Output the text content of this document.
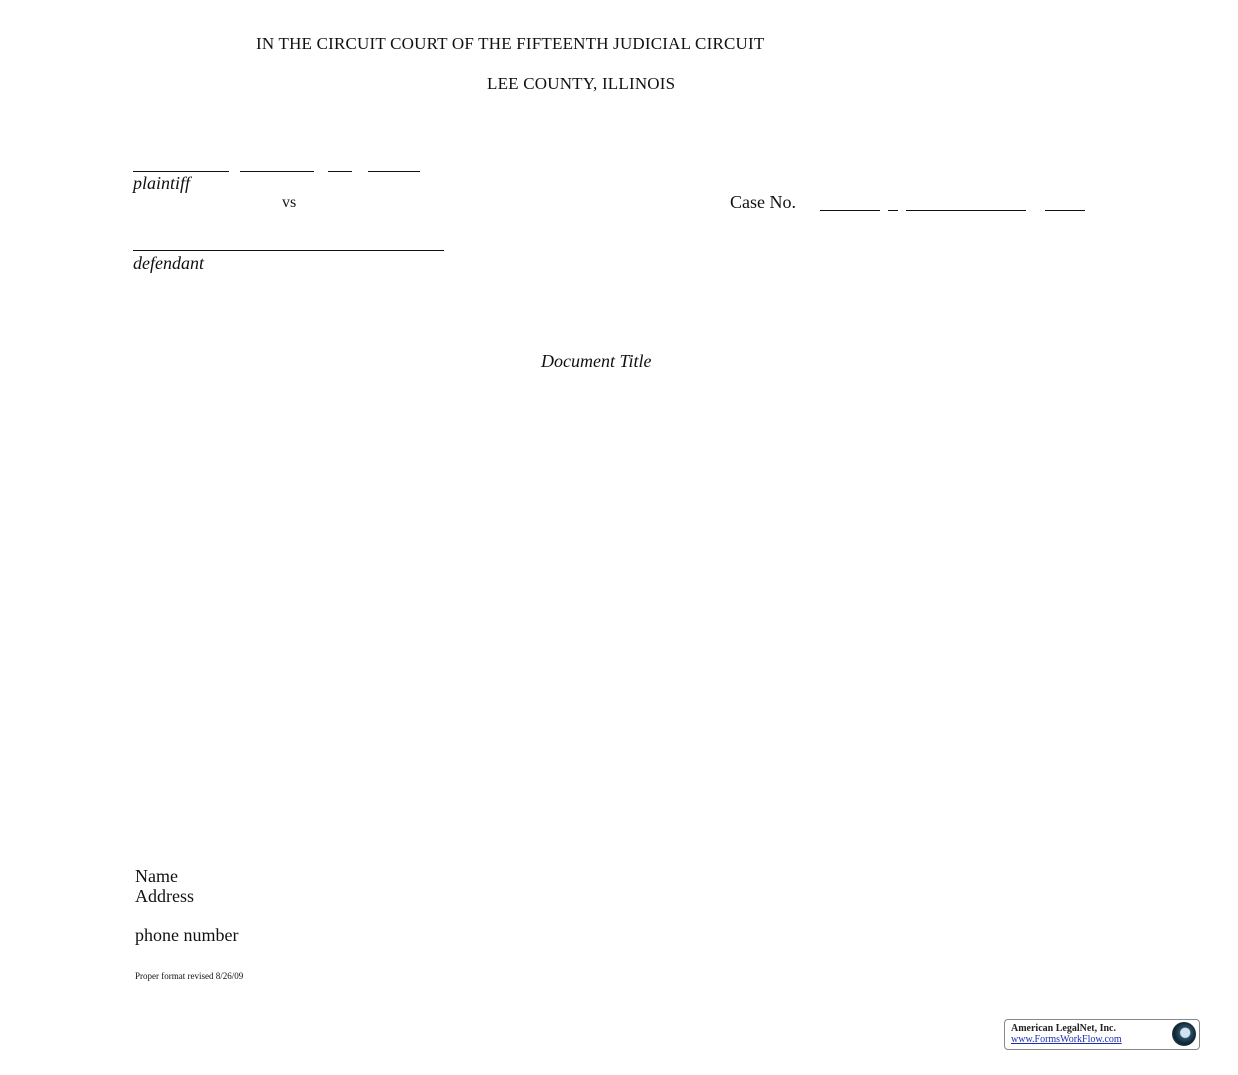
IN THE CIRCUIT COURT OF THE FIFTEENTH JUDICIAL CIRCUIT
LEE COUNTY, ILLINOIS
plaintiff
vs	Case No.
defendant
Document Title
Name
Address
phone number
Proper format revised 8/26/09
American LegalNet, Inc.
www.FormsWorkFlow.com
